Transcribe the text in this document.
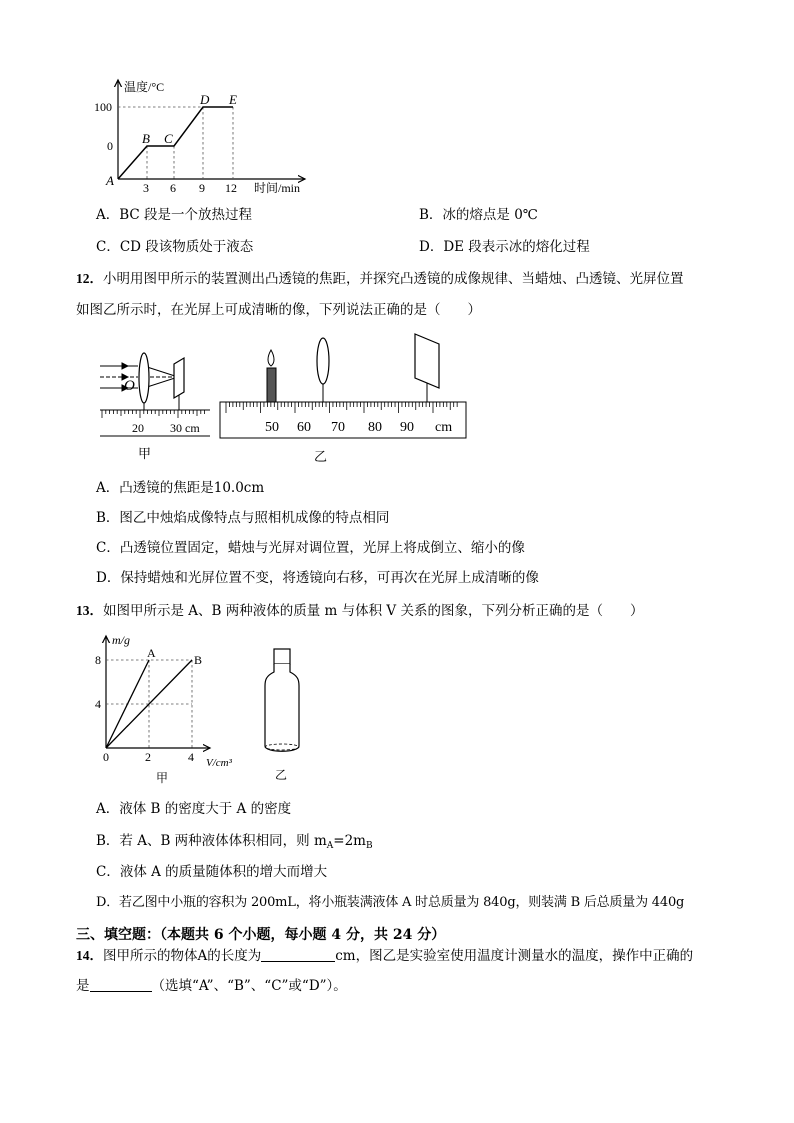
温度/°C
100
0
3 6 9 12 时间/min
A
B C
D E
A．BC 段是一个放热过程	B．冰的熔点是 0℃
C．CD 段该物质处于液态	D．DE 段表示冰的熔化过程
12．小明用图甲所示的装置测出凸透镜的焦距，并探究凸透镜的成像规律、当蜡烛、凸透镜、光屏位置
如图乙所示时，在光屏上可成清晰的像，下列说法正确的是（　　）
O
20 30 cm
甲
50 60 70 80 90 cm
乙
A．凸透镜的焦距是10.0cm
B．图乙中烛焰成像特点与照相机成像的特点相同
C．凸透镜位置固定，蜡烛与光屏对调位置，光屏上将成倒立、缩小的像
D．保持蜡烛和光屏位置不变，将透镜向右移，可再次在光屏上成清晰的像
13．如图甲所示是 A、B 两种液体的质量 m 与体积 V 关系的图象，下列分析正确的是（　　）
m/g
8
4
0	2	4 V/cm³
A	B
甲	乙
A．液体 B 的密度大于 A 的密度
B．若 A、B 两种液体体积相同，则 $m_A=2m_B$
C．液体 A 的质量随体积的增大而增大
D．若乙图中小瓶的容积为 200mL，将小瓶装满液体 A 时总质量为 840g，则装满 B 后总质量为 440g
三、填空题：（本题共 6 个小题，每小题 4 分，共 24 分）
14．图甲所示的物体A的长度为	cm，图乙是实验室使用温度计测量水的温度，操作中正确的
是	（选填“A”、“B”、“C”或“D”）。
